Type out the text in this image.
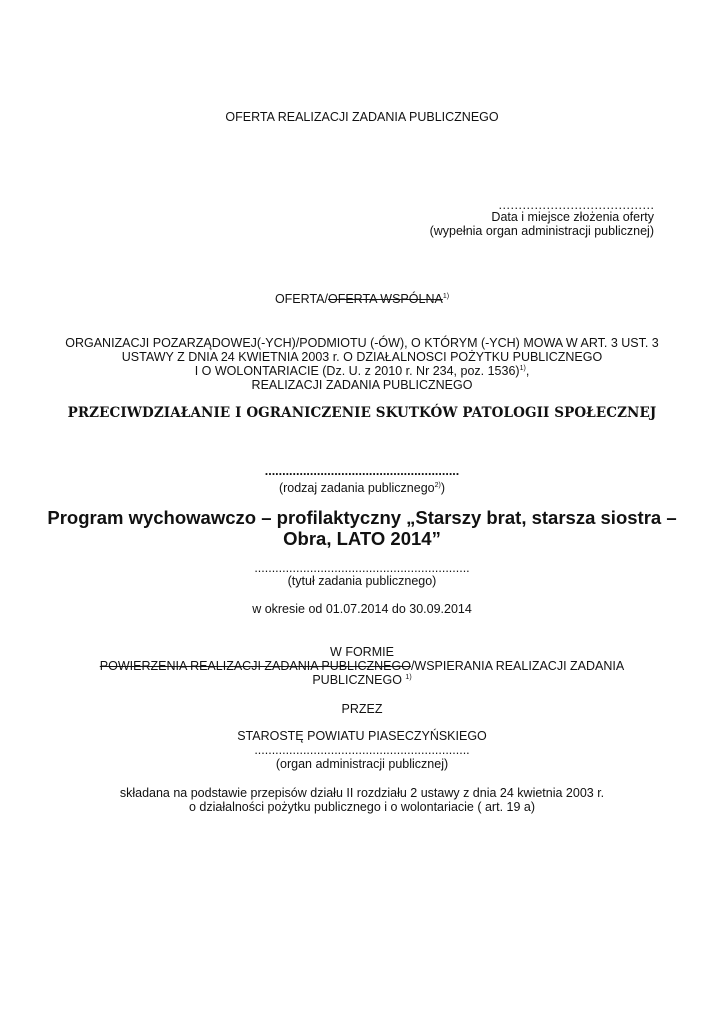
OFERTA REALIZACJI ZADANIA PUBLICZNEGO
…………………………………
Data i miejsce złożenia oferty
(wypełnia organ administracji publicznej)
OFERTA/OFERTA WSPÓLNA$^{1)}$
ORGANIZACJI POZARZĄDOWEJ(-YCH)/PODMIOTU (-ÓW), O KTÓRYM (-YCH) MOWA W ART. 3 UST. 3
USTAWY Z DNIA 24 KWIETNIA 2003 r. O DZIAŁALNOSCI POŻYTKU PUBLICZNEGO
I O WOLONTARIACIE (Dz. U. z 2010 r. Nr 234, poz. 1536)$^{1)}$,
REALIZACJI ZADANIA PUBLICZNEGO
PRZECIWDZIAŁANIE I OGRANICZENIE SKUTKÓW PATOLOGII SPOŁECZNEJ
........................................................
(rodzaj zadania publicznego$^{2)}$)
Program wychowawczo – profilaktyczny „Starszy brat, starsza siostra –
Obra, LATO 2014”
..............................................................
(tytuł zadania publicznego)
w okresie od 01.07.2014 do 30.09.2014
W FORMIE
POWIERZENIA REALIZACJI ZADANIA PUBLICZNEGO/WSPIERANIA REALIZACJI ZADANIA
PUBLICZNEGO $^{1)}$
PRZEZ
STAROSTĘ POWIATU PIASECZYŃSKIEGO
..............................................................
(organ administracji publicznej)
składana na podstawie przepisów działu II rozdziału 2 ustawy z dnia 24 kwietnia 2003 r.
o działalności pożytku publicznego i o wolontariacie ( art. 19 a)
